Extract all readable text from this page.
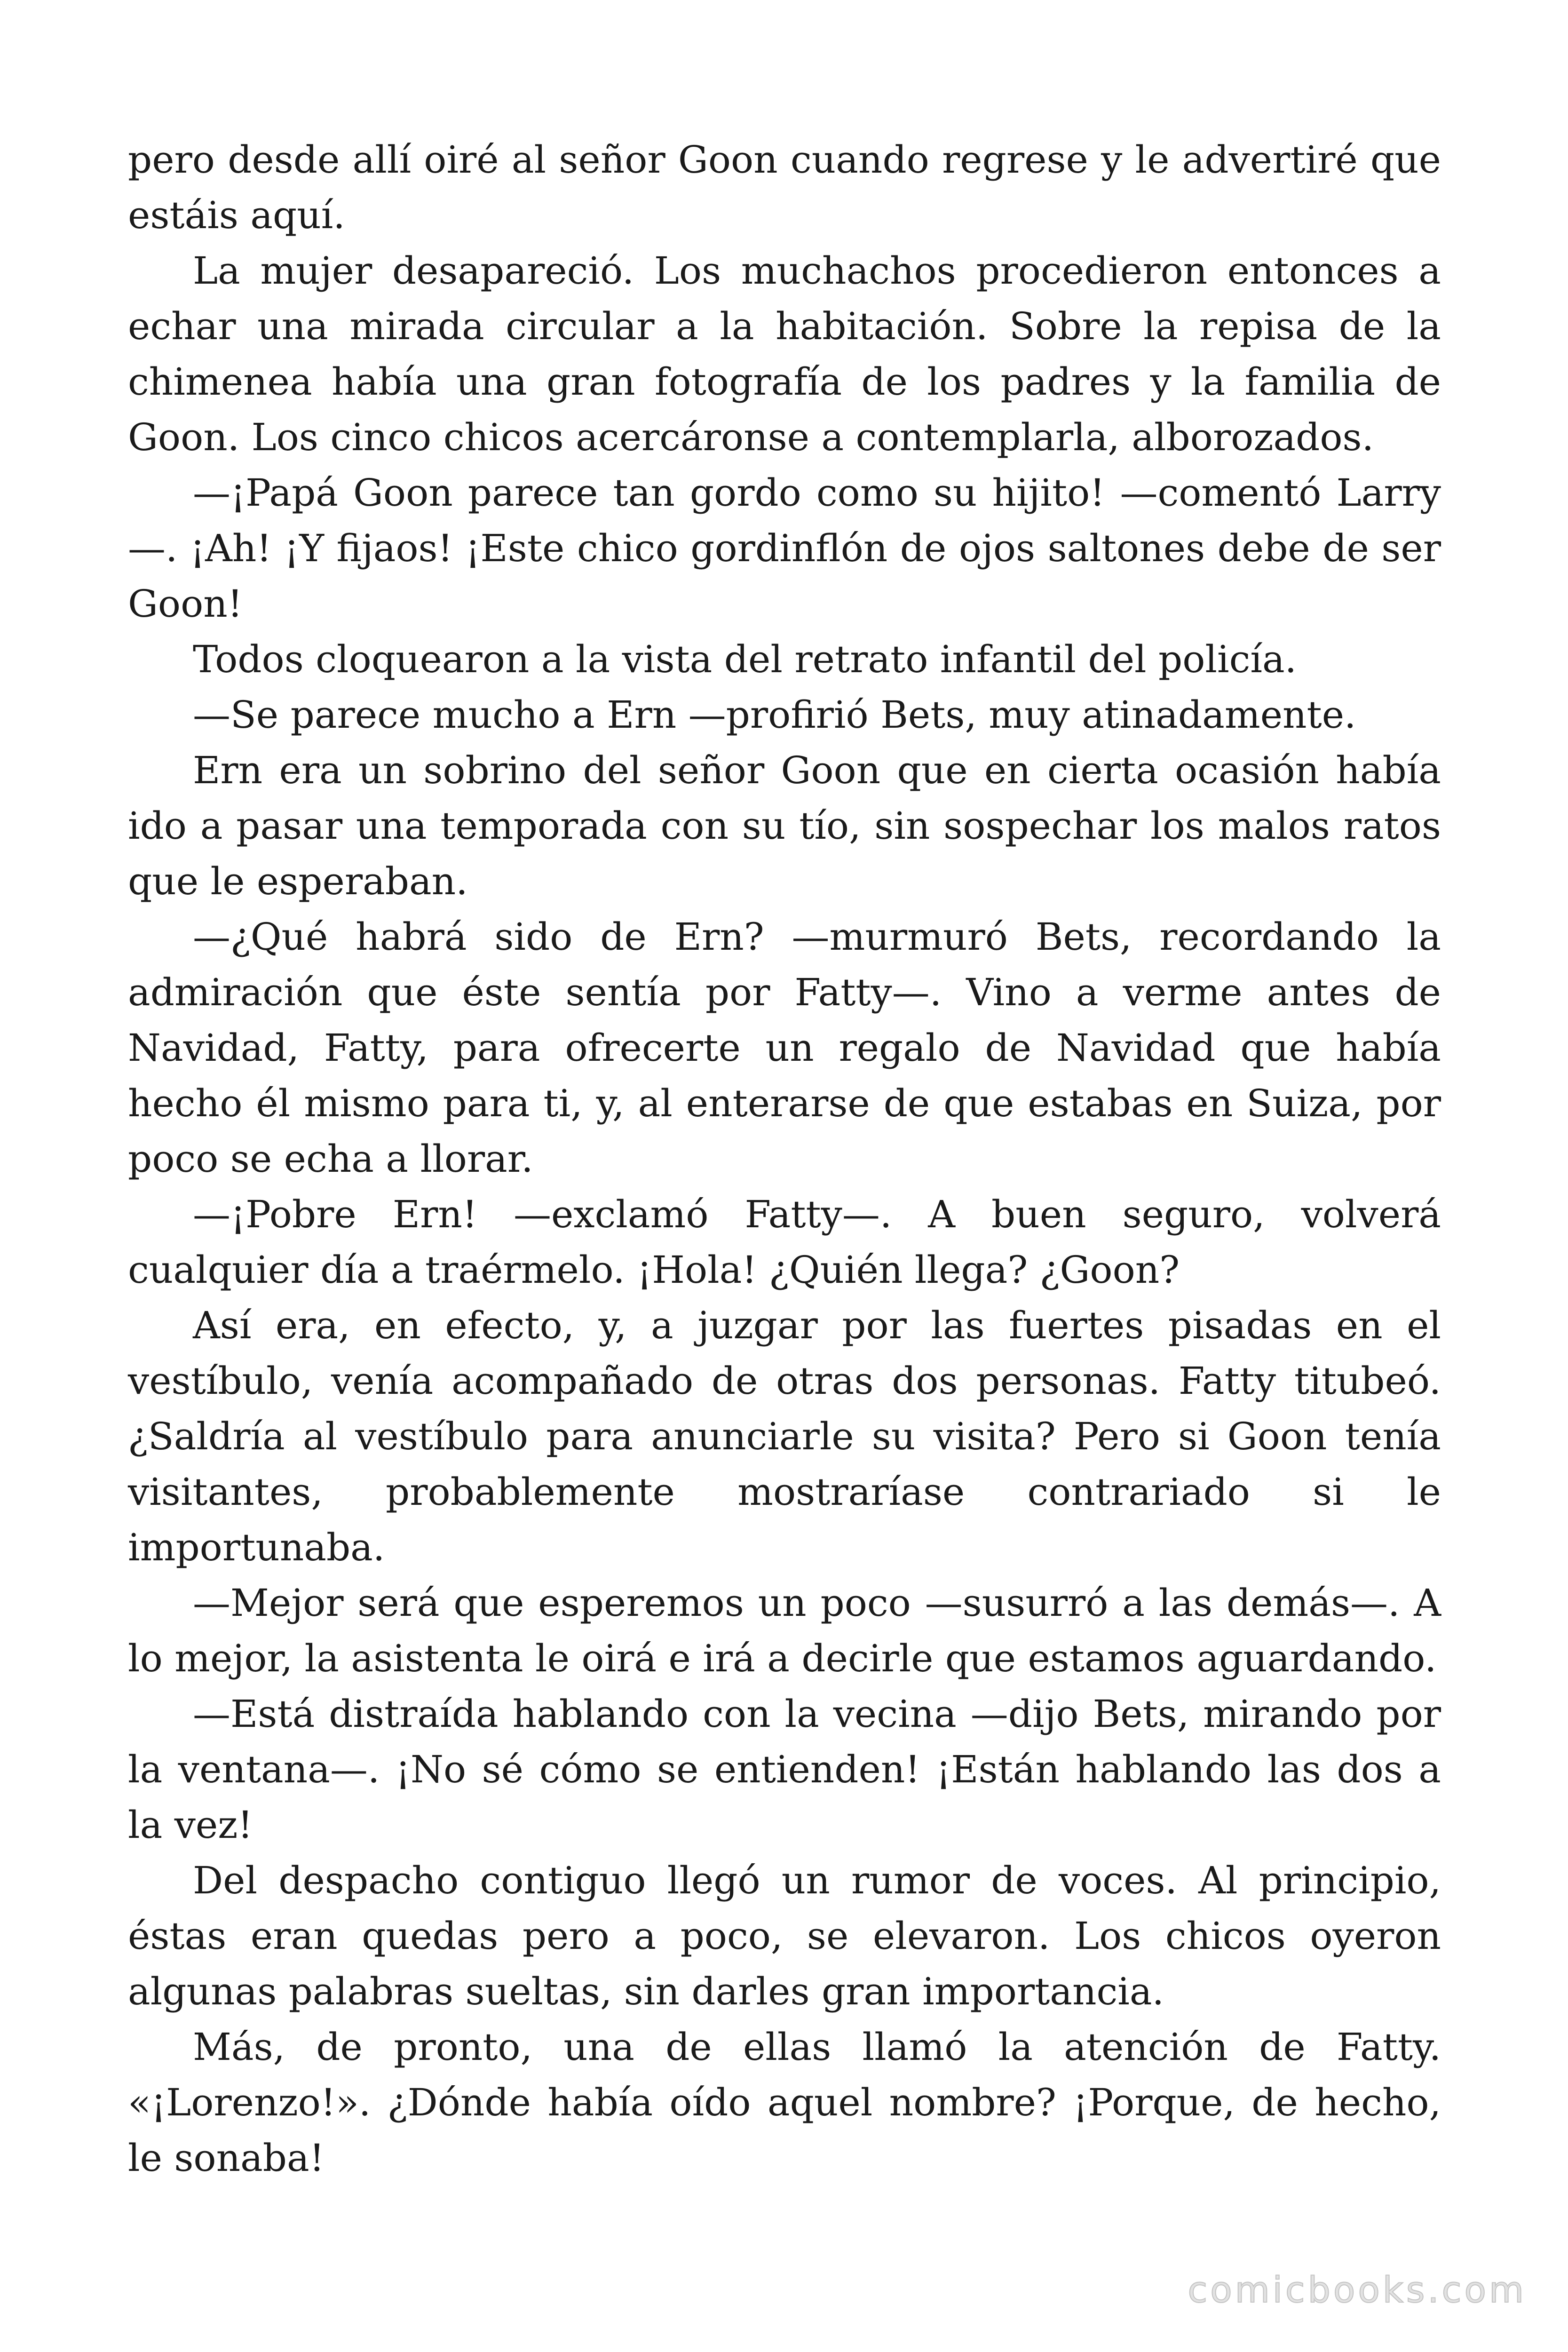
pero desde allí oiré al señor Goon cuando regrese y le advertiré que
estáis aquí.
La mujer desapareció. Los muchachos procedieron entonces a
echar una mirada circular a la habitación. Sobre la repisa de la
chimenea había una gran fotografía de los padres y la familia de
Goon. Los cinco chicos acercáronse a contemplarla, alborozados.
—¡Papá Goon parece tan gordo como su hijito! —comentó Larry
—. ¡Ah! ¡Y fijaos! ¡Este chico gordinflón de ojos saltones debe de ser
Goon!
Todos cloquearon a la vista del retrato infantil del policía.
—Se parece mucho a Ern —profirió Bets, muy atinadamente.
Ern era un sobrino del señor Goon que en cierta ocasión había
ido a pasar una temporada con su tío, sin sospechar los malos ratos
que le esperaban.
—¿Qué habrá sido de Ern? —murmuró Bets, recordando la
admiración que éste sentía por Fatty—. Vino a verme antes de
Navidad, Fatty, para ofrecerte un regalo de Navidad que había
hecho él mismo para ti, y, al enterarse de que estabas en Suiza, por
poco se echa a llorar.
—¡Pobre Ern! —exclamó Fatty—. A buen seguro, volverá
cualquier día a traérmelo. ¡Hola! ¿Quién llega? ¿Goon?
Así era, en efecto, y, a juzgar por las fuertes pisadas en el
vestíbulo, venía acompañado de otras dos personas. Fatty titubeó.
¿Saldría al vestíbulo para anunciarle su visita? Pero si Goon tenía
visitantes, probablemente mostraríase contrariado si le
importunaba.
—Mejor será que esperemos un poco —susurró a las demás—. A
lo mejor, la asistenta le oirá e irá a decirle que estamos aguardando.
—Está distraída hablando con la vecina —dijo Bets, mirando por
la ventana—. ¡No sé cómo se entienden! ¡Están hablando las dos a
la vez!
Del despacho contiguo llegó un rumor de voces. Al principio,
éstas eran quedas pero a poco, se elevaron. Los chicos oyeron
algunas palabras sueltas, sin darles gran importancia.
Más, de pronto, una de ellas llamó la atención de Fatty.
«¡Lorenzo!». ¿Dónde había oído aquel nombre? ¡Porque, de hecho,
le sonaba!
comicbooks.com
